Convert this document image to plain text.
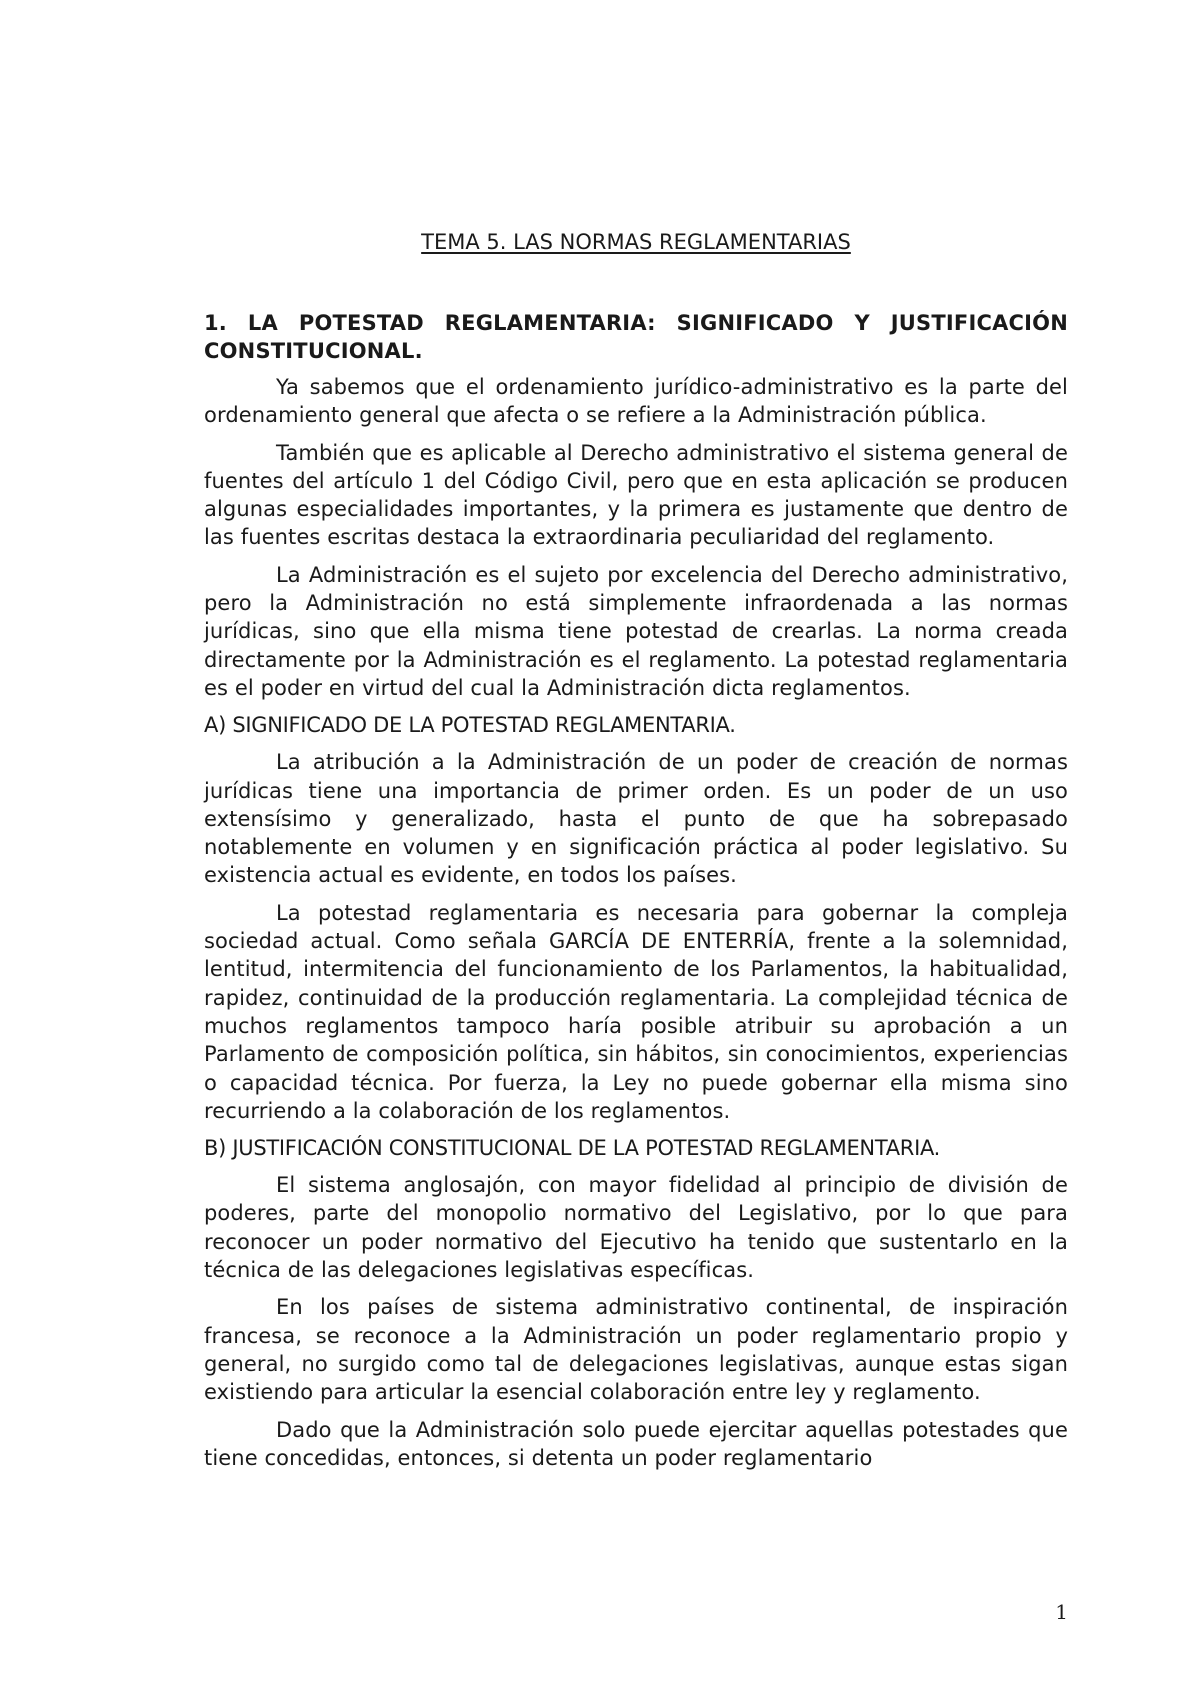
TEMA 5. LAS NORMAS REGLAMENTARIAS
1. LA POTESTAD REGLAMENTARIA: SIGNIFICADO Y JUSTIFICACIÓN CONSTITUCIONAL.

Ya sabemos que el ordenamiento jurídico-administrativo es la parte del ordenamiento general que afecta o se refiere a la Administración pública.

También que es aplicable al Derecho administrativo el sistema general de fuentes del artículo 1 del Código Civil, pero que en esta aplicación se producen algunas especialidades importantes, y la primera es justamente que dentro de las fuentes escritas destaca la extraordinaria peculiaridad del reglamento.

La Administración es el sujeto por excelencia del Derecho administrativo, pero la Administración no está simplemente infraordenada a las normas jurídicas, sino que ella misma tiene potestad de crearlas. La norma creada directamente por la Administración es el reglamento. La potestad reglamentaria es el poder en virtud del cual la Administración dicta reglamentos.

A) SIGNIFICADO DE LA POTESTAD REGLAMENTARIA.

La atribución a la Administración de un poder de creación de normas jurídicas tiene una importancia de primer orden. Es un poder de un uso extensísimo y generalizado, hasta el punto de que ha sobrepasado notablemente en volumen y en significación práctica al poder legislativo. Su existencia actual es evidente, en todos los países.

La potestad reglamentaria es necesaria para gobernar la compleja sociedad actual. Como señala GARCÍA DE ENTERRÍA, frente a la solemnidad, lentitud, intermitencia del funcionamiento de los Parlamentos, la habitualidad, rapidez, continuidad de la producción reglamentaria. La complejidad técnica de muchos reglamentos tampoco haría posible atribuir su aprobación a un Parlamento de composición política, sin hábitos, sin conocimientos, experiencias o capacidad técnica. Por fuerza, la Ley no puede gobernar ella misma sino recurriendo a la colaboración de los reglamentos.

B) JUSTIFICACIÓN CONSTITUCIONAL DE LA POTESTAD REGLAMENTARIA.

El sistema anglosajón, con mayor fidelidad al principio de división de poderes, parte del monopolio normativo del Legislativo, por lo que para reconocer un poder normativo del Ejecutivo ha tenido que sustentarlo en la técnica de las delegaciones legislativas específicas.

En los países de sistema administrativo continental, de inspiración francesa, se reconoce a la Administración un poder reglamentario propio y general, no surgido como tal de delegaciones legislativas, aunque estas sigan existiendo para articular la esencial colaboración entre ley y reglamento.

Dado que la Administración solo puede ejercitar aquellas potestades que tiene concedidas, entonces, si detenta un poder reglamentario

1
